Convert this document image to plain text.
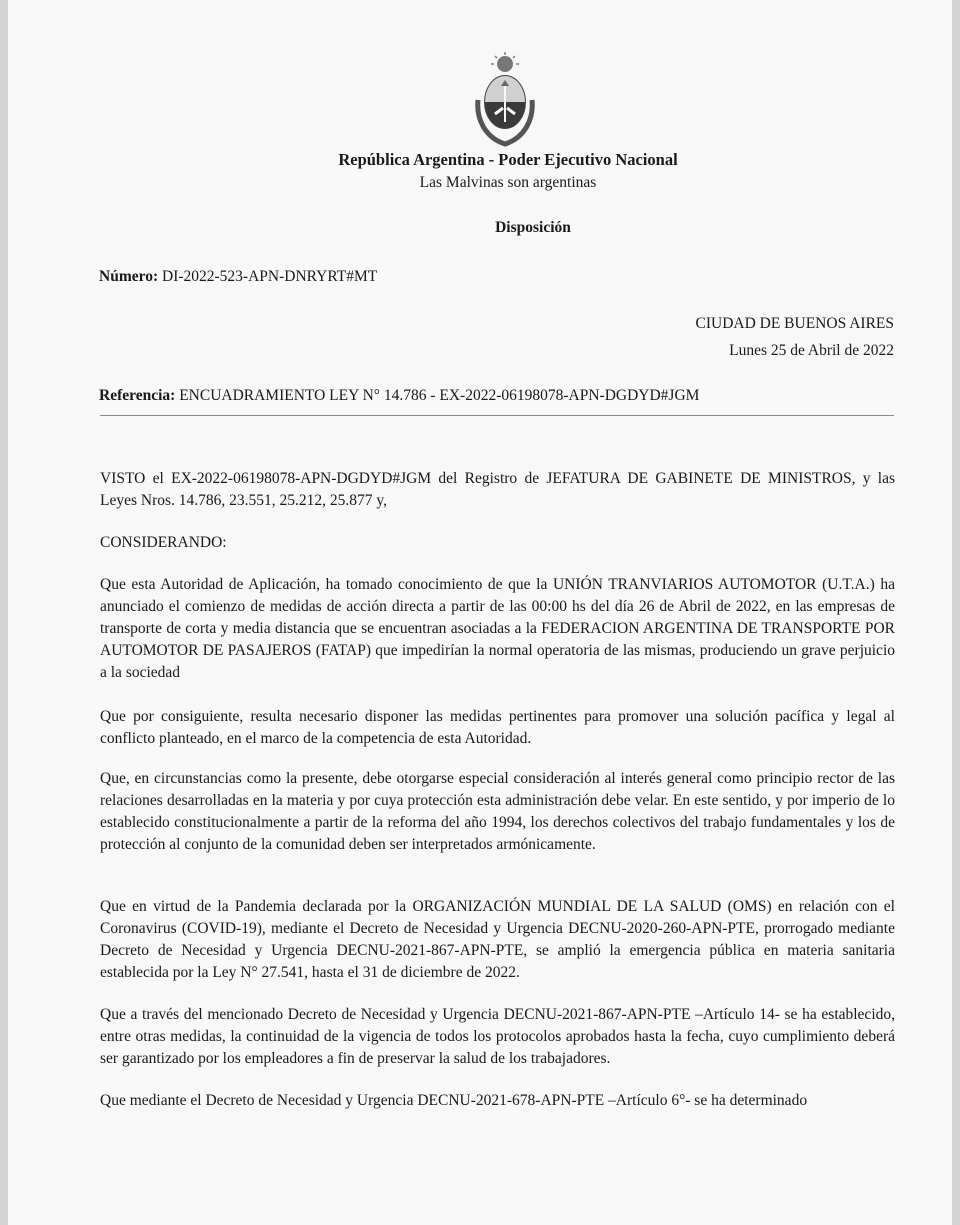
República Argentina - Poder Ejecutivo Nacional
Las Malvinas son argentinas
Disposición
Número: DI-2022-523-APN-DNRYRT#MT
CIUDAD DE BUENOS AIRES
Lunes 25 de Abril de 2022
Referencia: ENCUADRAMIENTO LEY N° 14.786 - EX-2022-06198078-APN-DGDYD#JGM
VISTO el EX-2022-06198078-APN-DGDYD#JGM del Registro de JEFATURA DE GABINETE DE MINISTROS, y las Leyes Nros. 14.786, 23.551, 25.212, 25.877 y,
CONSIDERANDO:
Que esta Autoridad de Aplicación, ha tomado conocimiento de que la UNIÓN TRANVIARIOS AUTOMOTOR (U.T.A.) ha anunciado el comienzo de medidas de acción directa a partir de las 00:00 hs del día 26 de Abril de 2022, en las empresas de transporte de corta y media distancia que se encuentran asociadas a la FEDERACION ARGENTINA DE TRANSPORTE POR AUTOMOTOR DE PASAJEROS (FATAP) que impedirían la normal operatoria de las mismas, produciendo un grave perjuicio a la sociedad
Que por consiguiente, resulta necesario disponer las medidas pertinentes para promover una solución pacífica y legal al conflicto planteado, en el marco de la competencia de esta Autoridad.
Que, en circunstancias como la presente, debe otorgarse especial consideración al interés general como principio rector de las relaciones desarrolladas en la materia y por cuya protección esta administración debe velar. En este sentido, y por imperio de lo establecido constitucionalmente a partir de la reforma del año 1994, los derechos colectivos del trabajo fundamentales y los de protección al conjunto de la comunidad deben ser interpretados armónicamente.
Que en virtud de la Pandemia declarada por la ORGANIZACIÓN MUNDIAL DE LA SALUD (OMS) en relación con el Coronavirus (COVID-19), mediante el Decreto de Necesidad y Urgencia DECNU-2020-260-APN-PTE, prorrogado mediante Decreto de Necesidad y Urgencia DECNU-2021-867-APN-PTE, se amplió la emergencia pública en materia sanitaria establecida por la Ley N° 27.541, hasta el 31 de diciembre de 2022.
Que a través del mencionado Decreto de Necesidad y Urgencia DECNU-2021-867-APN-PTE –Artículo 14- se ha establecido, entre otras medidas, la continuidad de la vigencia de todos los protocolos aprobados hasta la fecha, cuyo cumplimiento deberá ser garantizado por los empleadores a fin de preservar la salud de los trabajadores.
Que mediante el Decreto de Necesidad y Urgencia DECNU-2021-678-APN-PTE –Artículo 6°- se ha determinado
